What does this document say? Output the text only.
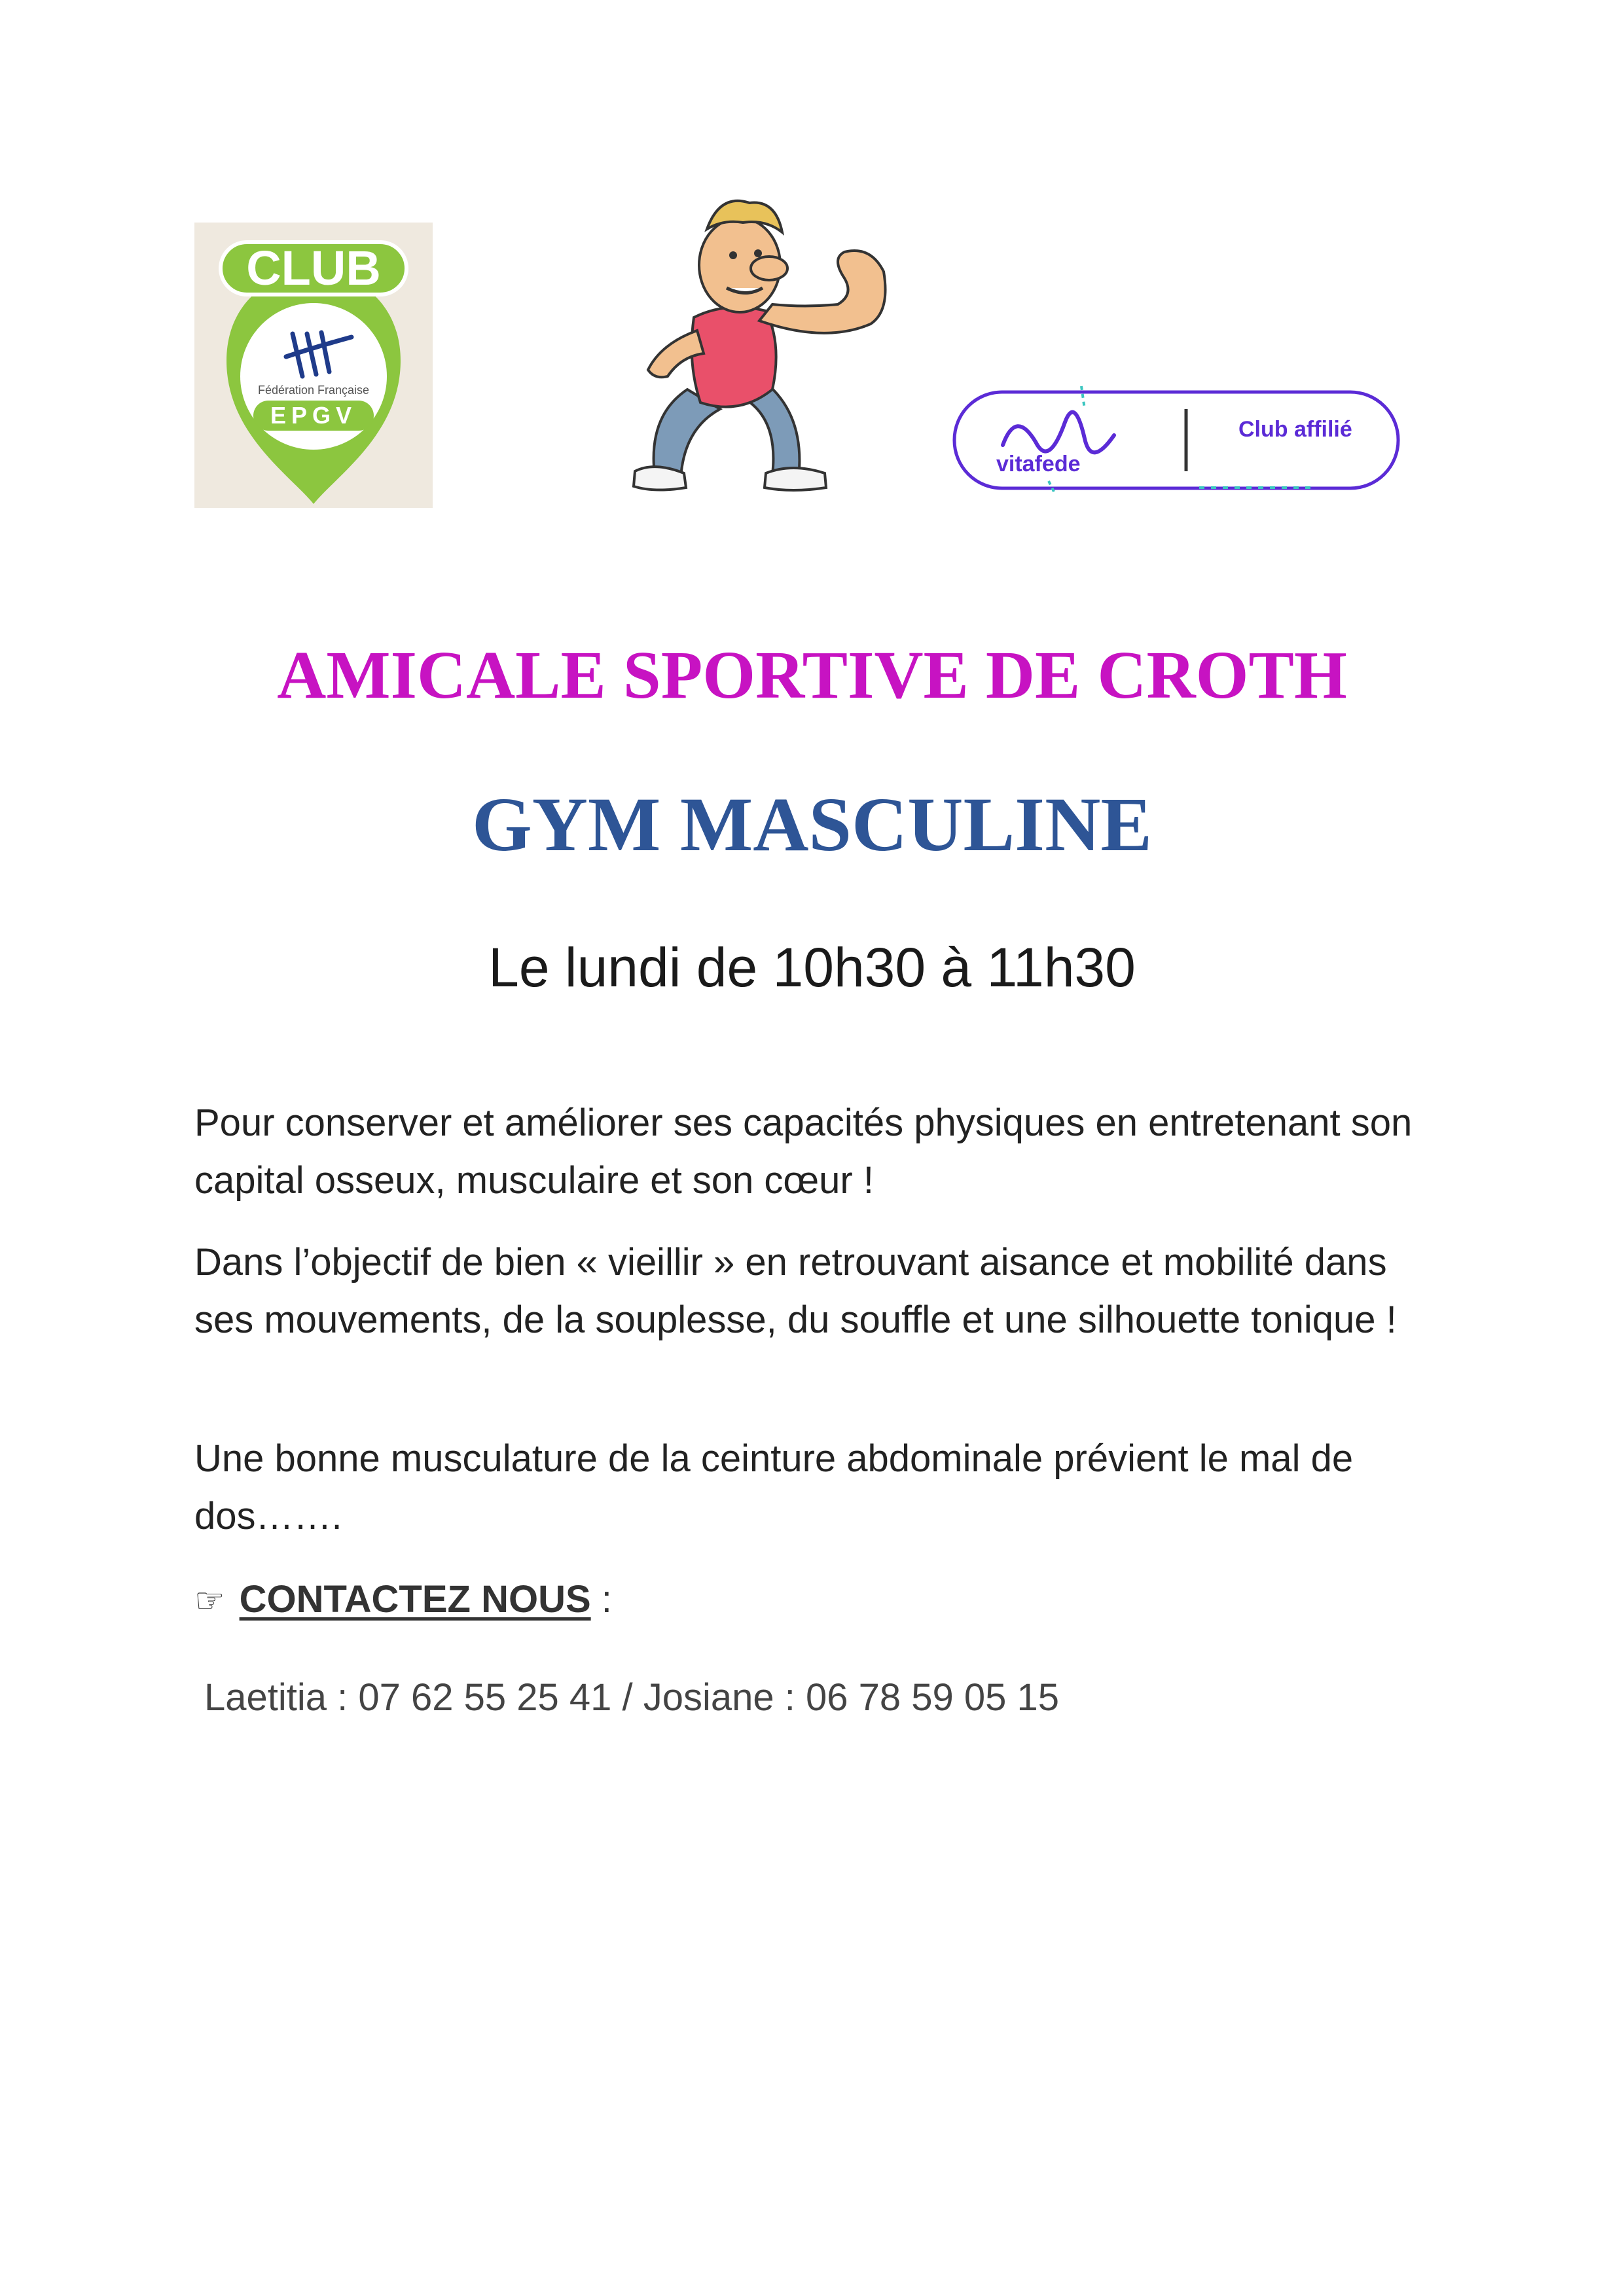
CLUB
Fédération Française
EPGV
vitafede
Club affilié
AMICALE SPORTIVE DE CROTH
GYM MASCULINE
Le lundi de 10h30 à 11h30

Pour conserver et améliorer ses capacités physiques en entretenant son capital osseux, musculaire et son cœur !

Dans l’objectif de bien « vieillir » en retrouvant aisance et mobilité dans ses mouvements, de la souplesse, du souffle et une silhouette tonique !

Une bonne musculature de la ceinture abdominale prévient le mal de dos…….

☞ CONTACTEZ NOUS :
Laetitia : 07 62 55 25 41 / Josiane : 06 78 59 05 15
